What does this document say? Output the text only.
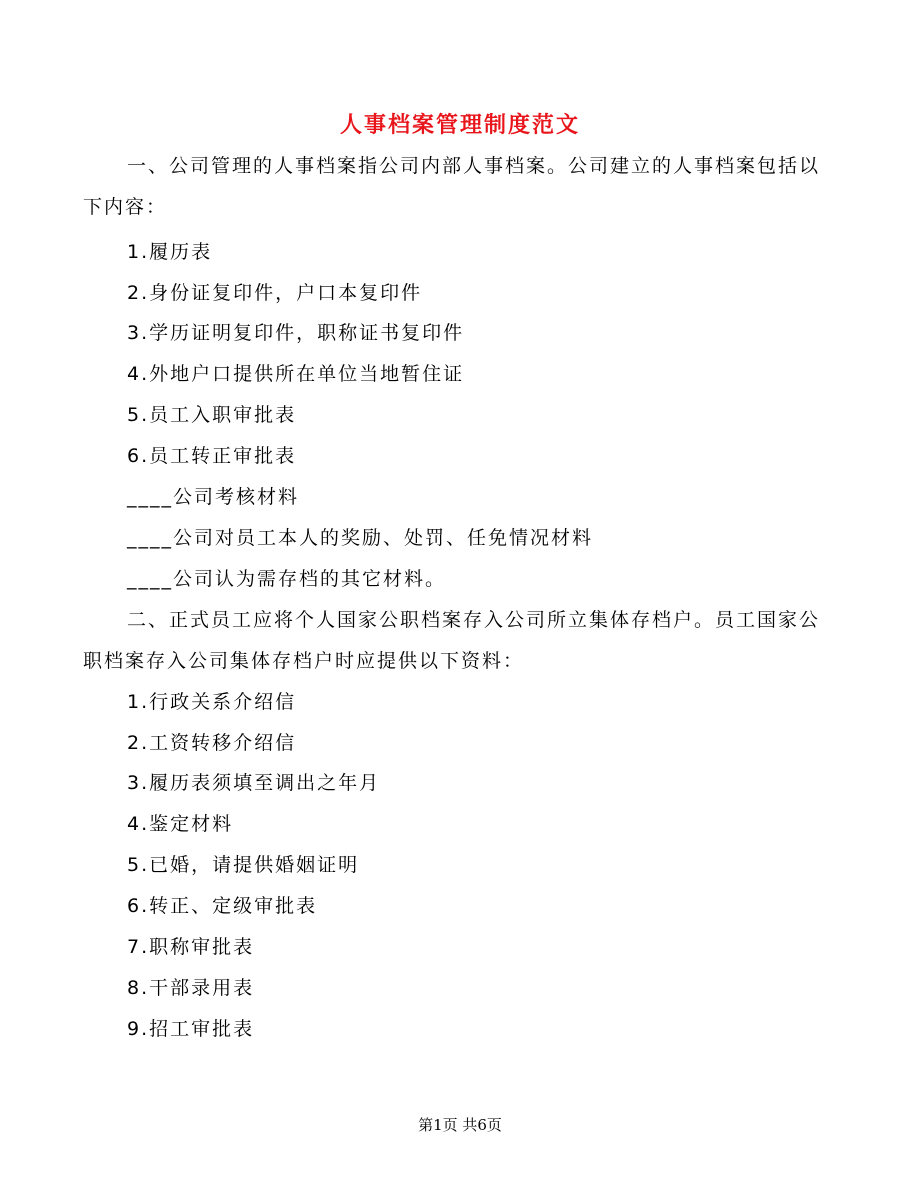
人事档案管理制度范文

一、公司管理的人事档案指公司内部人事档案。公司建立的人事档案包括以

下内容：

1.履历表

2.身份证复印件，户口本复印件

3.学历证明复印件，职称证书复印件

4.外地户口提供所在单位当地暂住证

5.员工入职审批表

6.员工转正审批表

____公司考核材料

____公司对员工本人的奖励、处罚、任免情况材料

____公司认为需存档的其它材料。

二、正式员工应将个人国家公职档案存入公司所立集体存档户。员工国家公

职档案存入公司集体存档户时应提供以下资料：

1.行政关系介绍信

2.工资转移介绍信

3.履历表须填至调出之年月

4.鉴定材料

5.已婚，请提供婚姻证明

6.转正、定级审批表

7.职称审批表

8.干部录用表

9.招工审批表

第1页 共6页
